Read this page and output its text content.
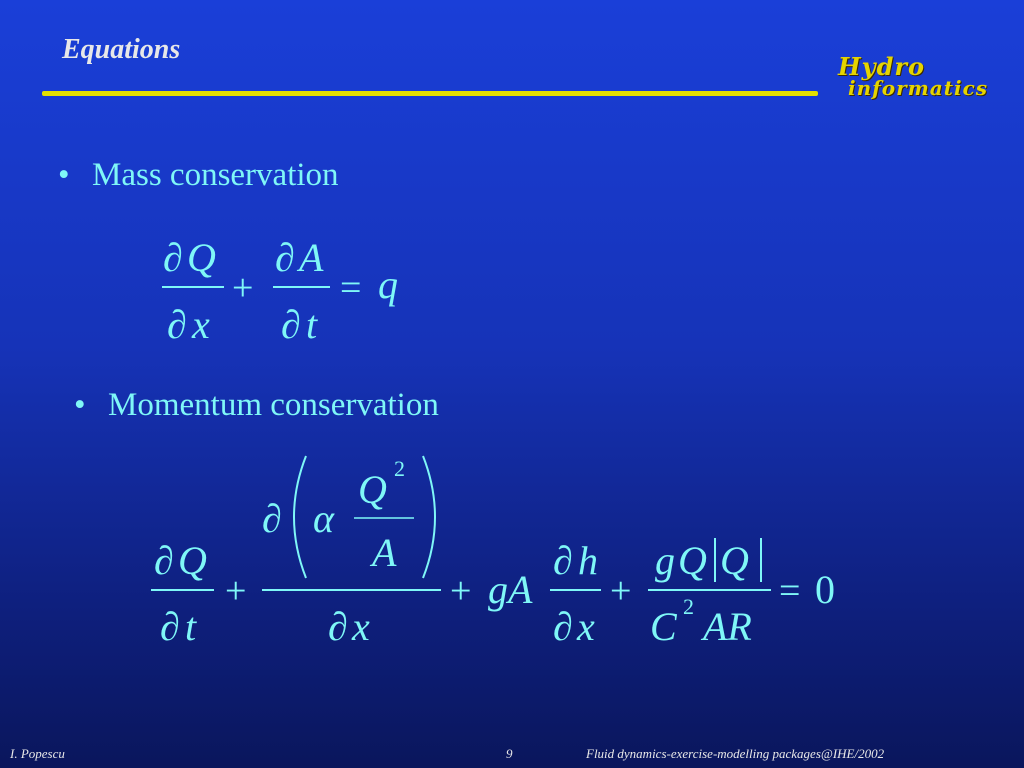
Equations
Hydro
informatics
• Mass conservation
∂ Q
∂ x
+
∂ A
∂ t
= q
• Momentum conservation
∂ Q
∂ t
+
∂ α
Q 2
A
∂ x
+ gA
∂ h
∂ x
+
g Q Q
C 2 AR
= 0
I. Popescu	9	Fluid dynamics-exercise-modelling packages@IHE/2002
